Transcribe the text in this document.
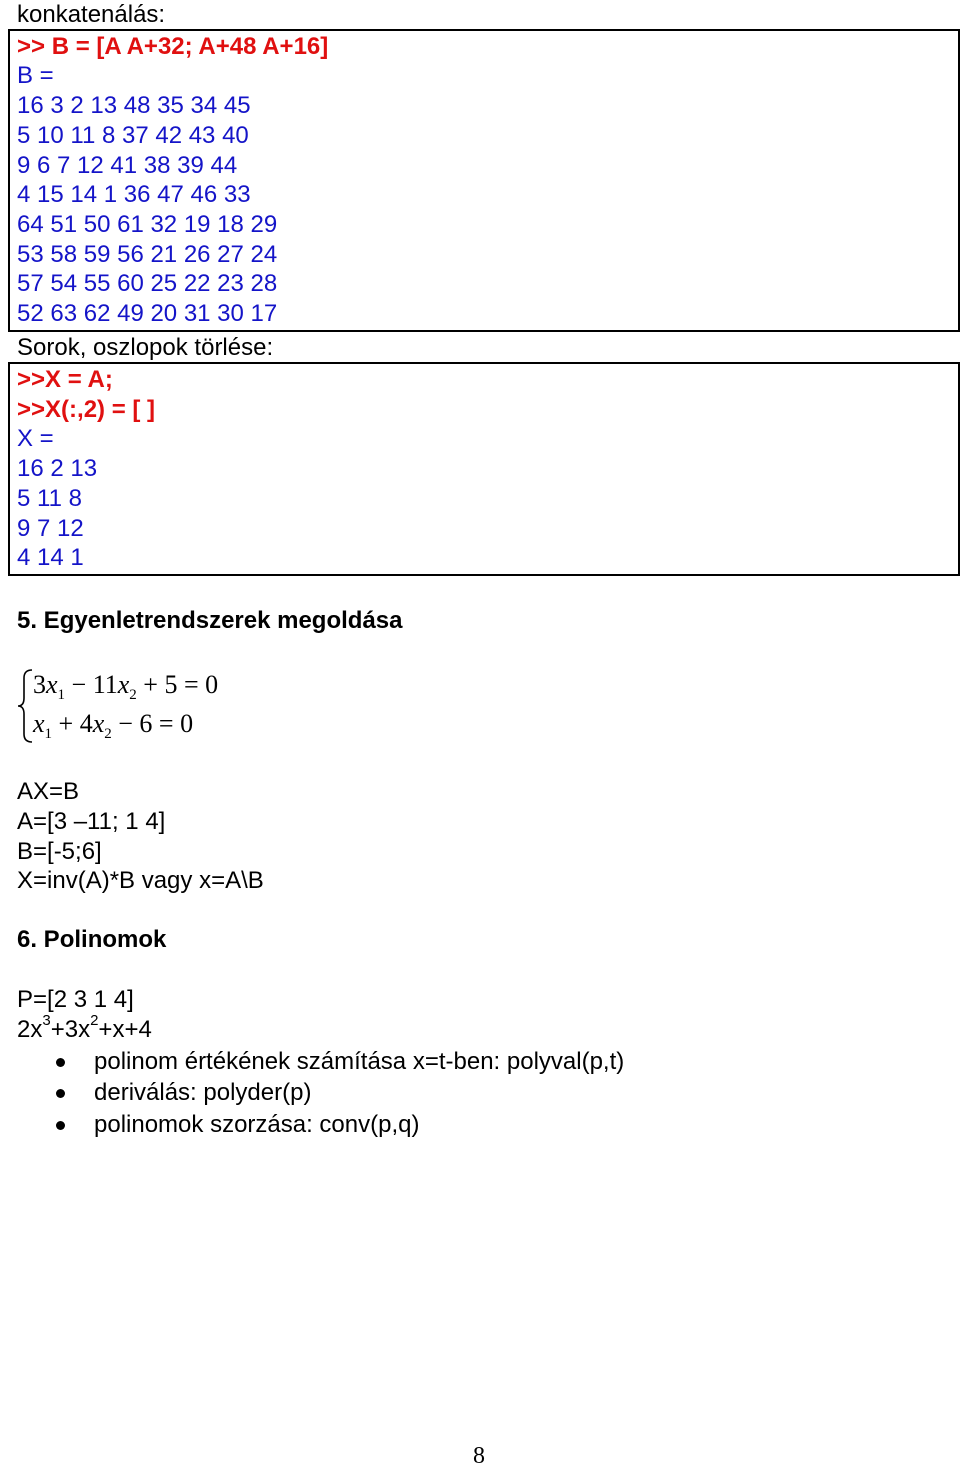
konkatenálás:
>> B = [A A+32; A+48 A+16]
B =
16 3 2 13 48 35 34 45
5 10 11 8 37 42 43 40
9 6 7 12 41 38 39 44
4 15 14 1 36 47 46 33
64 51 50 61 32 19 18 29
53 58 59 56 21 26 27 24
57 54 55 60 25 22 23 28
52 63 62 49 20 31 30 17
Sorok, oszlopok törlése:
>>X = A;
>>X(:,2) = [ ]
X =
16 2 13
5 11 8
9 7 12
4 14 1
5. Egyenletrendszerek megoldása
$3x_1 - 11x_2 + 5 = 0$
$x_1 + 4x_2 - 6 = 0$
AX=B
A=[3 –11; 1 4]
B=[-5;6]
X=inv(A)*B vagy x=A\B
6. Polinomok
P=[2 3 1 4]
$2x^3+3x^2+x+4$
polinom értékének számítása x=t-ben: polyval(p,t)
deriválás: polyder(p)
polinomok szorzása: conv(p,q)
8
